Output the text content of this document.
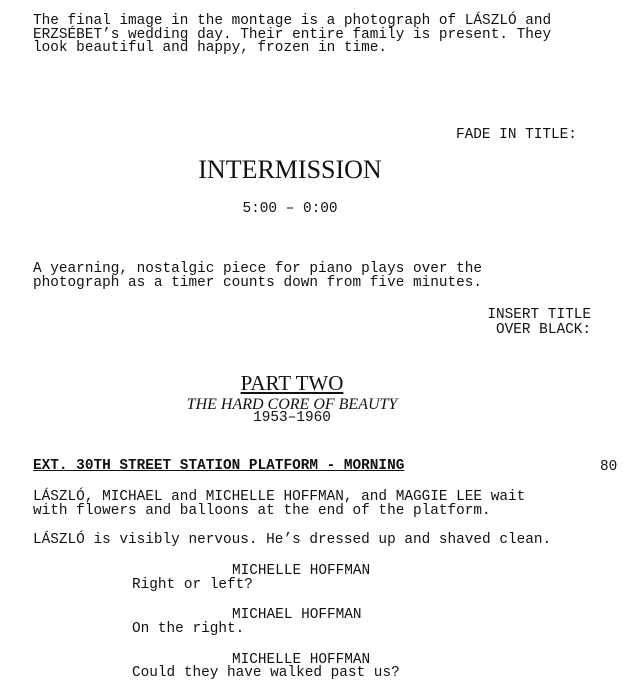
The final image in the montage is a photograph of LÁSZLÓ and
ERZSÉBET’s wedding day. Their entire family is present. They
look beautiful and happy, frozen in time.

FADE IN TITLE:

INTERMISSION

5:00 – 0:00

A yearning, nostalgic piece for piano plays over the
photograph as a timer counts down from five minutes.

INSERT TITLE
OVER BLACK:

PART TWO

THE HARD CORE OF BEAUTY

1953–1960

EXT. 30TH STREET STATION PLATFORM - MORNING	80

LÁSZLÓ, MICHAEL and MICHELLE HOFFMAN, and MAGGIE LEE wait
with flowers and balloons at the end of the platform.

LÁSZLÓ is visibly nervous. He’s dressed up and shaved clean.

MICHELLE HOFFMAN

Right or left?

MICHAEL HOFFMAN

On the right.

MICHELLE HOFFMAN

Could they have walked past us?
